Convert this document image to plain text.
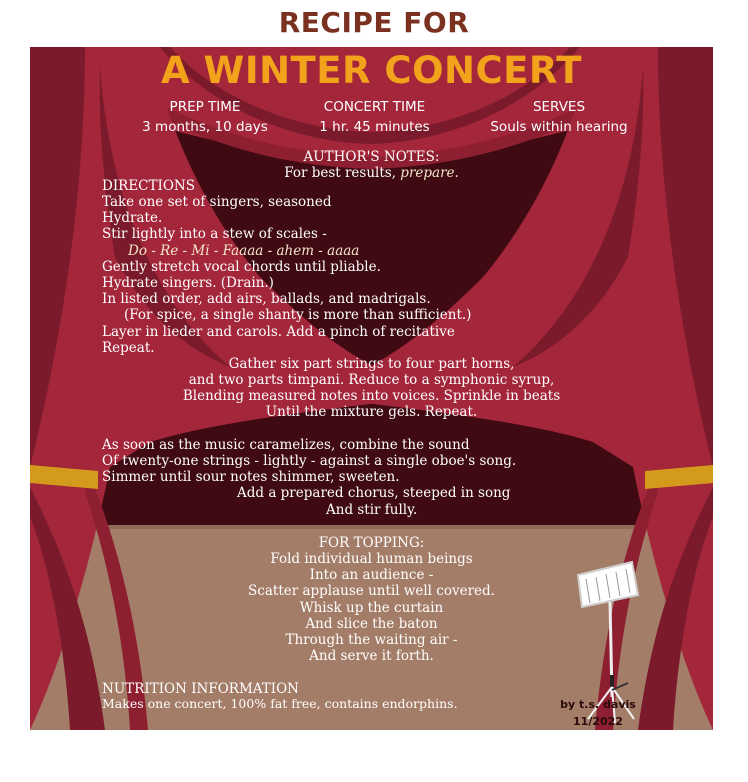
RECIPE FOR
A WINTER CONCERT
PREP TIME
3 months, 10 days
CONCERT TIME
1 hr. 45 minutes
SERVES
Souls within hearing
AUTHOR'S NOTES:
For best results, prepare.
DIRECTIONS
Take one set of singers, seasoned
Hydrate.
Stir lightly into a stew of scales -
Do - Re - Mi - Faaaa - ahem - aaaa
Gently stretch vocal chords until pliable.
Hydrate singers. (Drain.)
In listed order, add airs, ballads, and madrigals.
(For spice, a single shanty is more than sufficient.)
Layer in lieder and carols. Add a pinch of recitative
Repeat.
Gather six part strings to four part horns,
and two parts timpani. Reduce to a symphonic syrup,
Blending measured notes into voices. Sprinkle in beats
Until the mixture gels. Repeat.
As soon as the music caramelizes, combine the sound
Of twenty-one strings - lightly - against a single oboe's song.
Simmer until sour notes shimmer, sweeten.
Add a prepared chorus, steeped in song
And stir fully.
FOR TOPPING:
Fold individual human beings
Into an audience -
Scatter applause until well covered.
Whisk up the curtain
And slice the baton
Through the waiting air -
And serve it forth.
NUTRITION INFORMATION
Makes one concert, 100% fat free, contains endorphins.	by t.s. davis
11/2022
